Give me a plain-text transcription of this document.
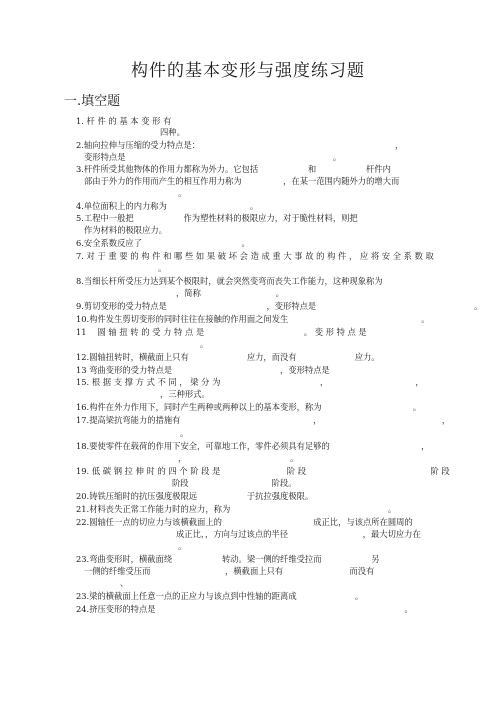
构件的基本变形与强度练习题
一.填空题
1. 杆 件 的 基 本 变 形 有
四种。
2.轴向拉伸与压缩的受力特点是：　　　　　　　　　　　　　　　　　　　　　　　　，
变形特点是　　　　　　　　　　　　　　　　　　　　　　　　　。
3.杆件所受其他物体的作用力都称为外力。它包括　　　　　　和　　　　　　杆件内
部由于外力的作用而产生的相互作用力称为　　　　　，在某一范围内随外力的增大而
。
4.单位面积上的内力称为　　　　　　　　　　。
5.工程中一般把　　　　　　作为塑性材料的极限应力，对于脆性材料，则把
作为材料的极限应力。
6.安全系数反应了　　　　　　　　　　　　。
7. 对 于 重 要 的 构 件 和 哪 些 如 果 破 坏 会 造 成 重 大 事 故 的 构 件 ， 应 将 安 全 系 数 取
。
8.当细长杆所受压力达到某个极限时，就会突然变弯而丧失工作能力，这种现象称为
，简称　　　　　　　　　。
9.剪切变形的受力特点是　　　　　　　　　　　　，变形特点是　　　　　　　　　　　　　　　　　　　。
10.构件发生剪切变形的同时往往在接触的作用面之间发生　　　　　　　　　　　　　　　　。
11　 圆 轴 扭 转 的 受 力 特 点 是　　　　　　　　　　　　。 变 形 特 点 是
。
12.圆轴扭转时，横截面上只有　　　　　　　应力，而没有　　　　　　　应力。
13 弯曲变形的受力特点是　　　　　　　　　　　　　，变形特点是
15. 根 据 支 撑 方 式 不 同 ， 梁 分 为　　　　　　　　　　　　，　　　　　　　　　　　，
，三种形式。
16.构件在外力作用下，同时产生两种或两种以上的基本变形，称为　　　　　　　　　　　。
17.提高梁抗弯能力的措施有　　　　　　　　　　　　　　　　，　　　　　　　　　　　　　　　，
。
18.要使零件在载荷的作用下安全，可靠地工作，零件必须具有足够的　　　　　　　　　　　，
，　　　　　　　　　　　　　。
19. 低 碳 钢 拉 伸 时 的 四 个 阶 段 是　　　　　　　　阶 段　　　　　　　　　　　　　　　阶 段
阶段　　　　　　　　　　阶段。
20.铸铁压缩时的抗压强度极限远　　　　　　于抗拉强度极限。
21.材料丧失正常工作能力时的应力，称为　　　　　　　　　　　　　　　　　　　。
22.圆轴任一点的切应力与该横截面上的　　　　　　　　　　　成正比，与该点所在圆周的
成正比，，方向与过该点的半径　　　　　　　　　，最大切应力在
。
23.弯曲变形时，横截面绕　　　　　　转动。梁一侧的纤维受拉而　　　　　　另
一侧的纤维受压而　　　　　　　　　，横截面上只有　　　　　　　　而没有
、
23.梁的横截面上任意一点的正应力与该点到中性轴的距离成　　　　　　　。
24.挤压变形的特点是　　　　　　　　　　　　　　　　　　　　　　　　　　　　　　。
